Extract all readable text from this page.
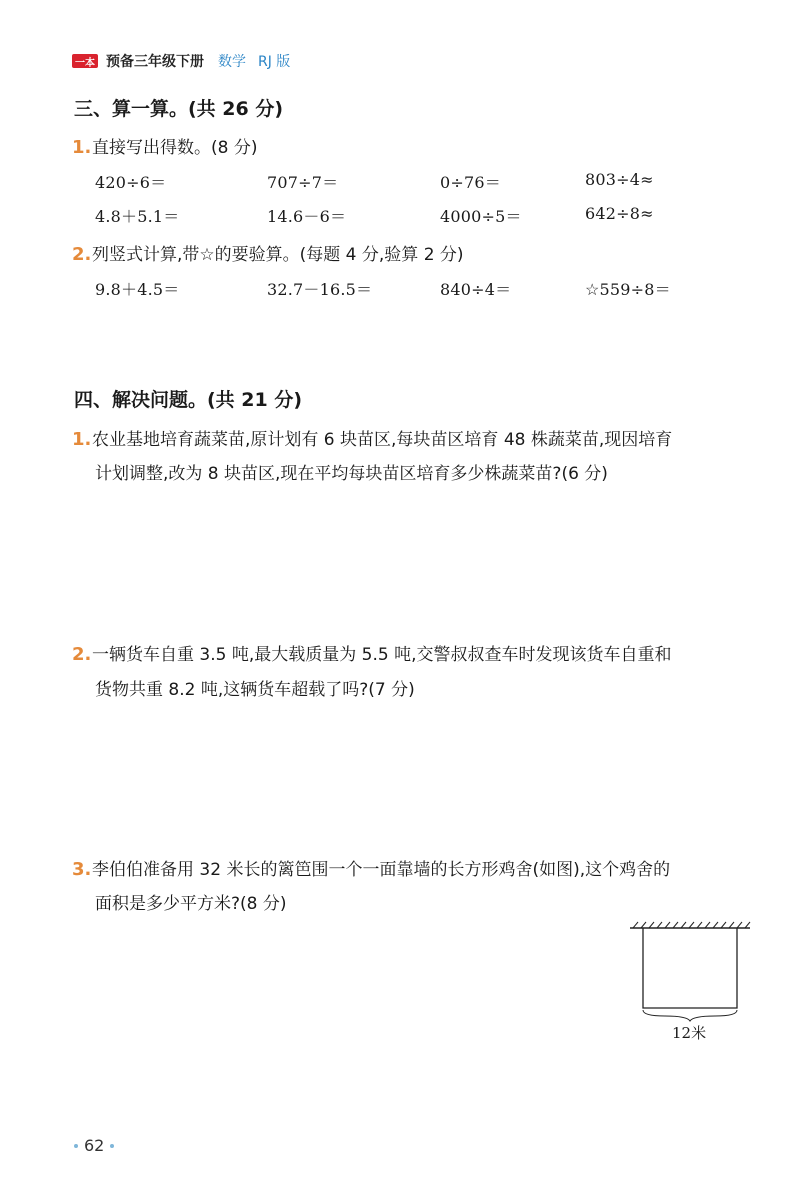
一本 预备三年级下册 数学 RJ 版
三、算一算。(共 26 分)
1.直接写出得数。(8 分)
420÷6＝	707÷7＝	0÷76＝	803÷4≈
4.8＋5.1＝	14.6－6＝	4000÷5＝	642÷8≈
2.列竖式计算,带☆的要验算。(每题 4 分,验算 2 分)
9.8＋4.5＝	32.7－16.5＝	840÷4＝	☆559÷8＝
四、解决问题。(共 21 分)
1.农业基地培育蔬菜苗,原计划有 6 块苗区,每块苗区培育 48 株蔬菜苗,现因培育
计划调整,改为 8 块苗区,现在平均每块苗区培育多少株蔬菜苗?(6 分)
2.一辆货车自重 3.5 吨,最大载质量为 5.5 吨,交警叔叔查车时发现该货车自重和
货物共重 8.2 吨,这辆货车超载了吗?(7 分)
3.李伯伯准备用 32 米长的篱笆围一个一面靠墙的长方形鸡舍(如图),这个鸡舍的
面积是多少平方米?(8 分)
12米
62
